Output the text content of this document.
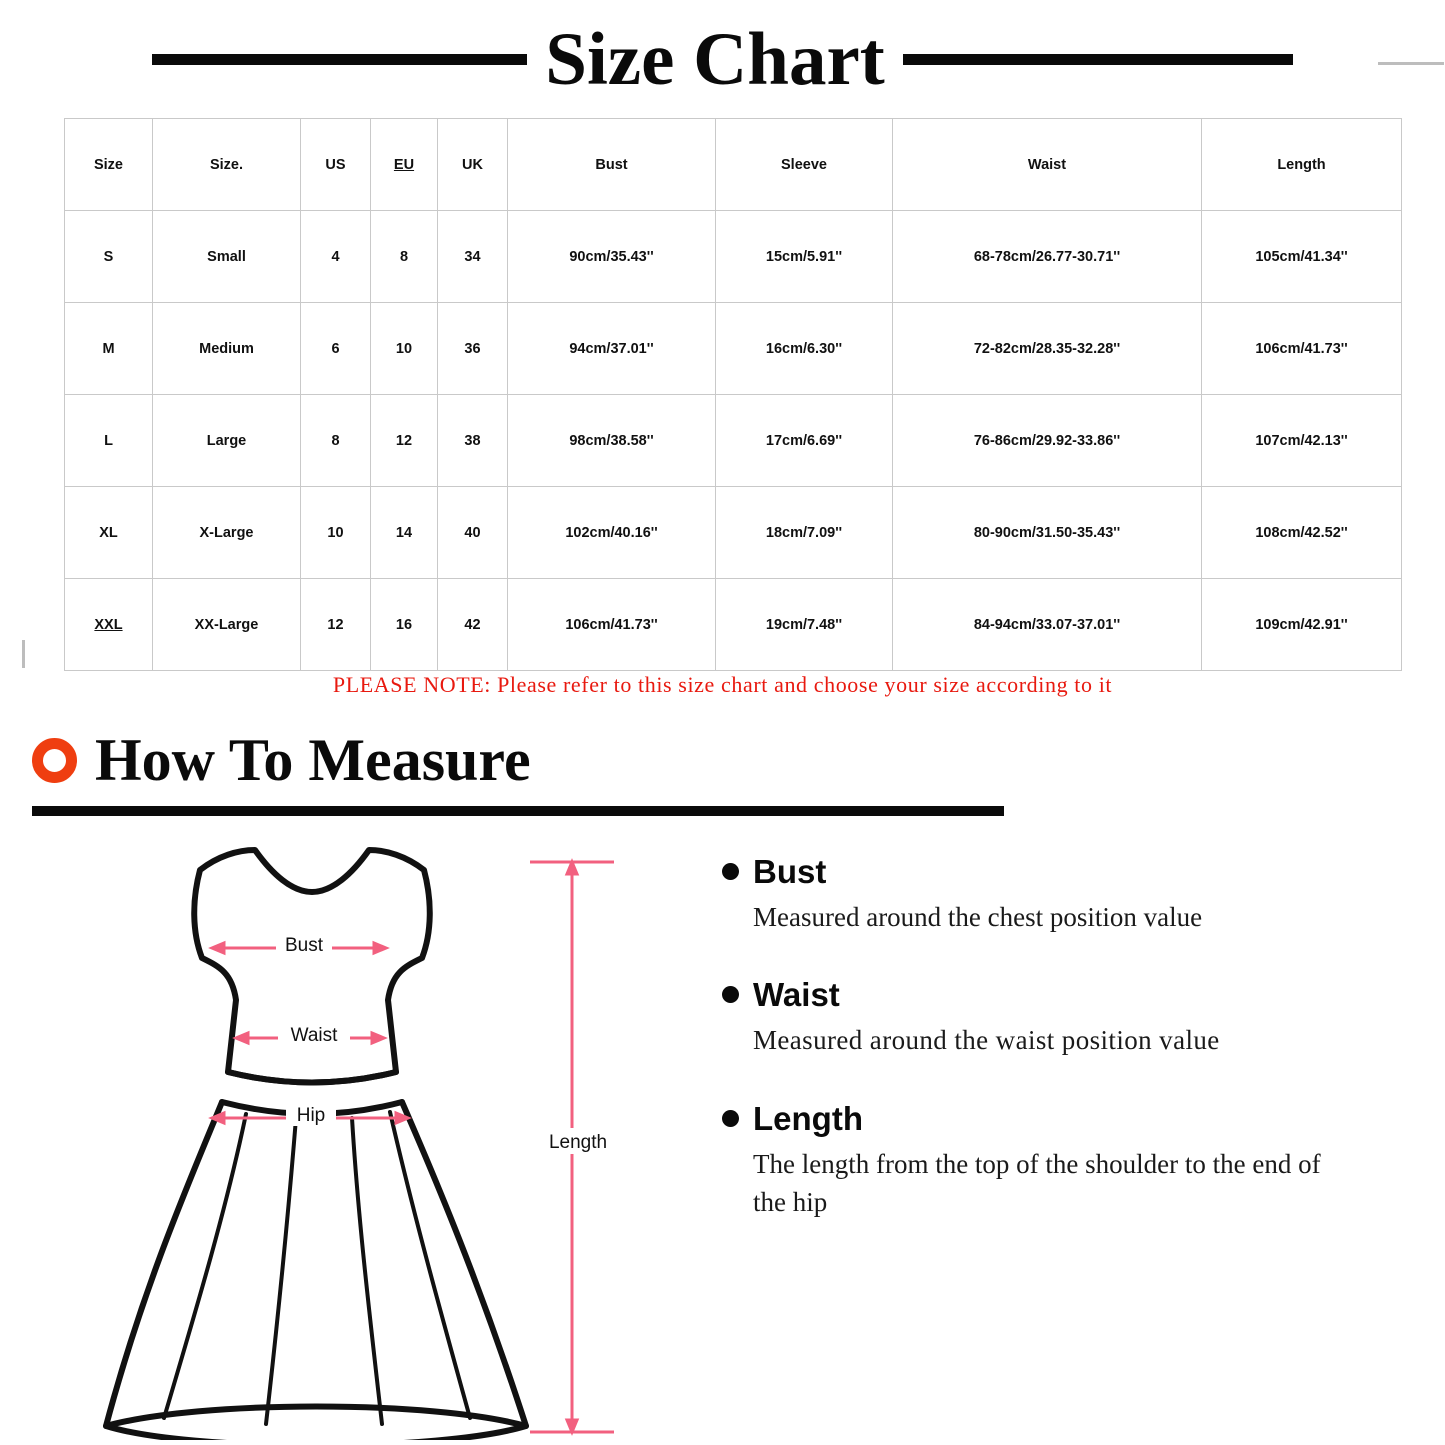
Size Chart
Size	Size.	US	EU	UK	Bust	Sleeve	Waist	Length
S	Small	4	8	34	90cm/35.43''	15cm/5.91''	68-78cm/26.77-30.71''	105cm/41.34''
M	Medium	6	10	36	94cm/37.01''	16cm/6.30''	72-82cm/28.35-32.28''	106cm/41.73''
L	Large	8	12	38	98cm/38.58''	17cm/6.69''	76-86cm/29.92-33.86''	107cm/42.13''
XL	X-Large	10	14	40	102cm/40.16''	18cm/7.09''	80-90cm/31.50-35.43''	108cm/42.52''
XXL	XX-Large	12	16	42	106cm/41.73''	19cm/7.48''	84-94cm/33.07-37.01''	109cm/42.91''
PLEASE NOTE: Please refer to this size chart and choose your size according to it
How To Measure
Bust
Waist
Hip
Length
Bust
Measured around the chest position value
Waist
Measured around the waist position value
Length
The length from the top of the shoulder to the end of the hip
